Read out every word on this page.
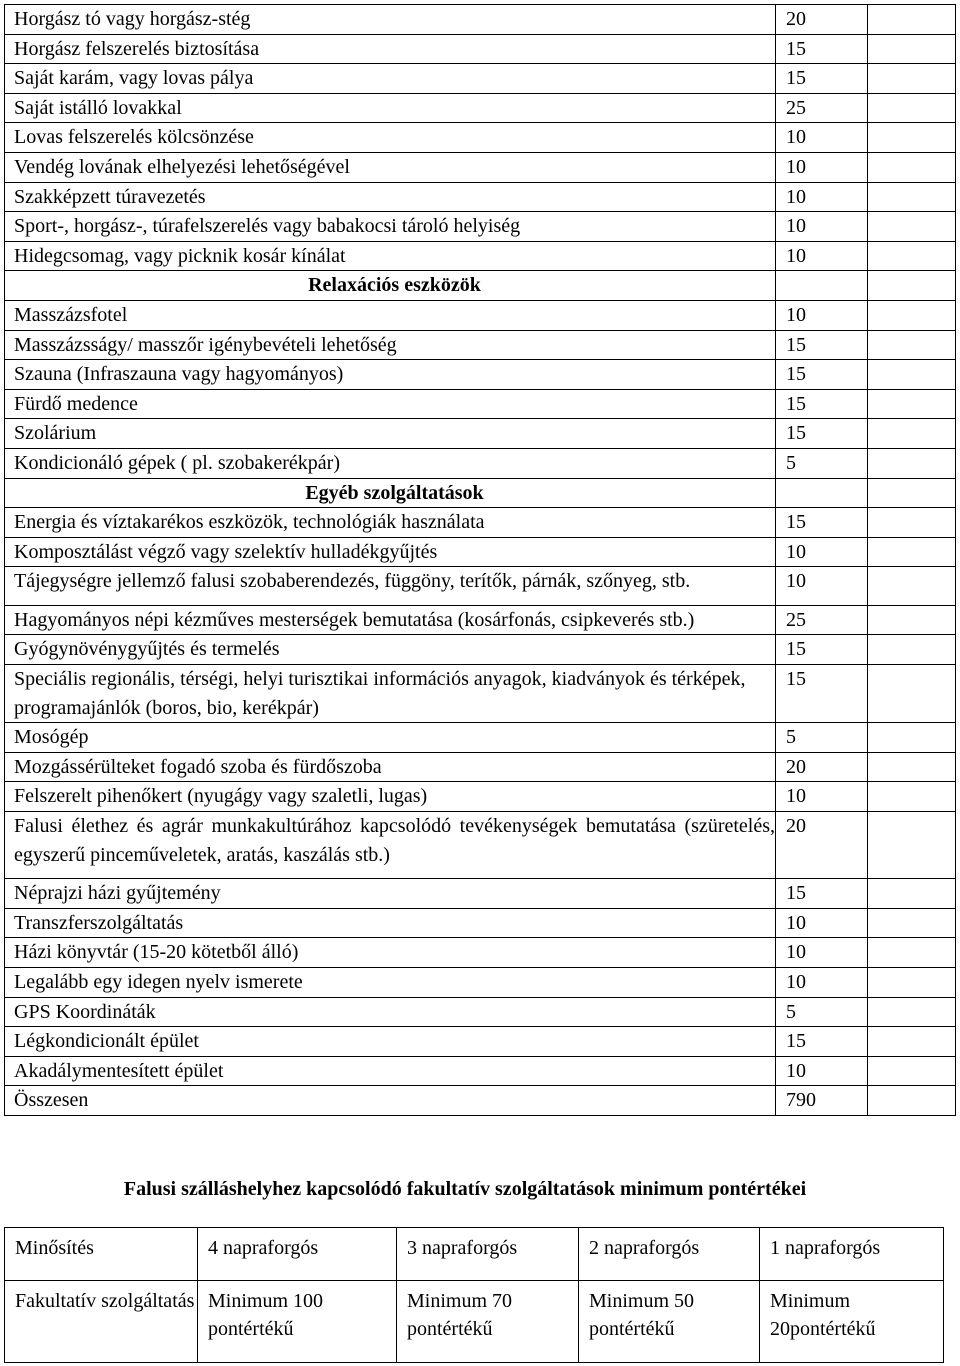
Horgász tó vagy horgász-stég	20	
Horgász felszerelés biztosítása	15	
Saját karám, vagy lovas pálya	15	
Saját istálló lovakkal	25	
Lovas felszerelés kölcsönzése	10	
Vendég lovának elhelyezési lehetőségével	10	
Szakképzett túravezetés	10	
Sport-, horgász-, túrafelszerelés vagy babakocsi tároló helyiség	10	
Hidegcsomag, vagy picknik kosár kínálat	10	
Relaxációs eszközök		
Masszázsfotel	10	
Masszázsságy/ masszőr igénybevételi lehetőség	15	
Szauna (Infraszauna vagy hagyományos)	15	
Fürdő medence	15	
Szolárium	15	
Kondicionáló gépek ( pl. szobakerékpár)	5	
Egyéb szolgáltatások		
Energia és víztakarékos eszközök, technológiák használata	15	
Komposztálást végző vagy szelektív hulladékgyűjtés	10	
Tájegységre jellemző falusi szobaberendezés, függöny, terítők, párnák, szőnyeg, stb.	10	
Hagyományos népi kézműves mesterségek bemutatása (kosárfonás, csipkeverés stb.)	25	
Gyógynövénygyűjtés és termelés	15	
Speciális regionális, térségi, helyi turisztikai információs anyagok, kiadványok és térképek, programajánlók (boros, bio, kerékpár)	15	
Mosógép	5	
Mozgássérülteket fogadó szoba és fürdőszoba	20	
Felszerelt pihenőkert (nyugágy vagy szaletli, lugas)	10	
Falusi élethez és agrár munkakultúrához kapcsolódó tevékenységek bemutatása (szüretelés, egyszerű pinceműveletek, aratás, kaszálás stb.)	20	
Néprajzi házi gyűjtemény	15	
Transzferszolgáltatás	10	
Házi könyvtár (15-20 kötetből álló)	10	
Legalább egy idegen nyelv ismerete	10	
GPS Koordináták	5	
Légkondicionált épület	15	
Akadálymentesített épület	10	
Összesen	790	
Falusi szálláshelyhez kapcsolódó fakultatív szolgáltatások minimum pontértékei
Minősítés	4 napraforgós	3 napraforgós	2 napraforgós	1 napraforgós
Fakultatív szolgáltatás	Minimum 100 pontértékű	Minimum 70 pontértékű	Minimum 50 pontértékű	Minimum 20pontértékű
